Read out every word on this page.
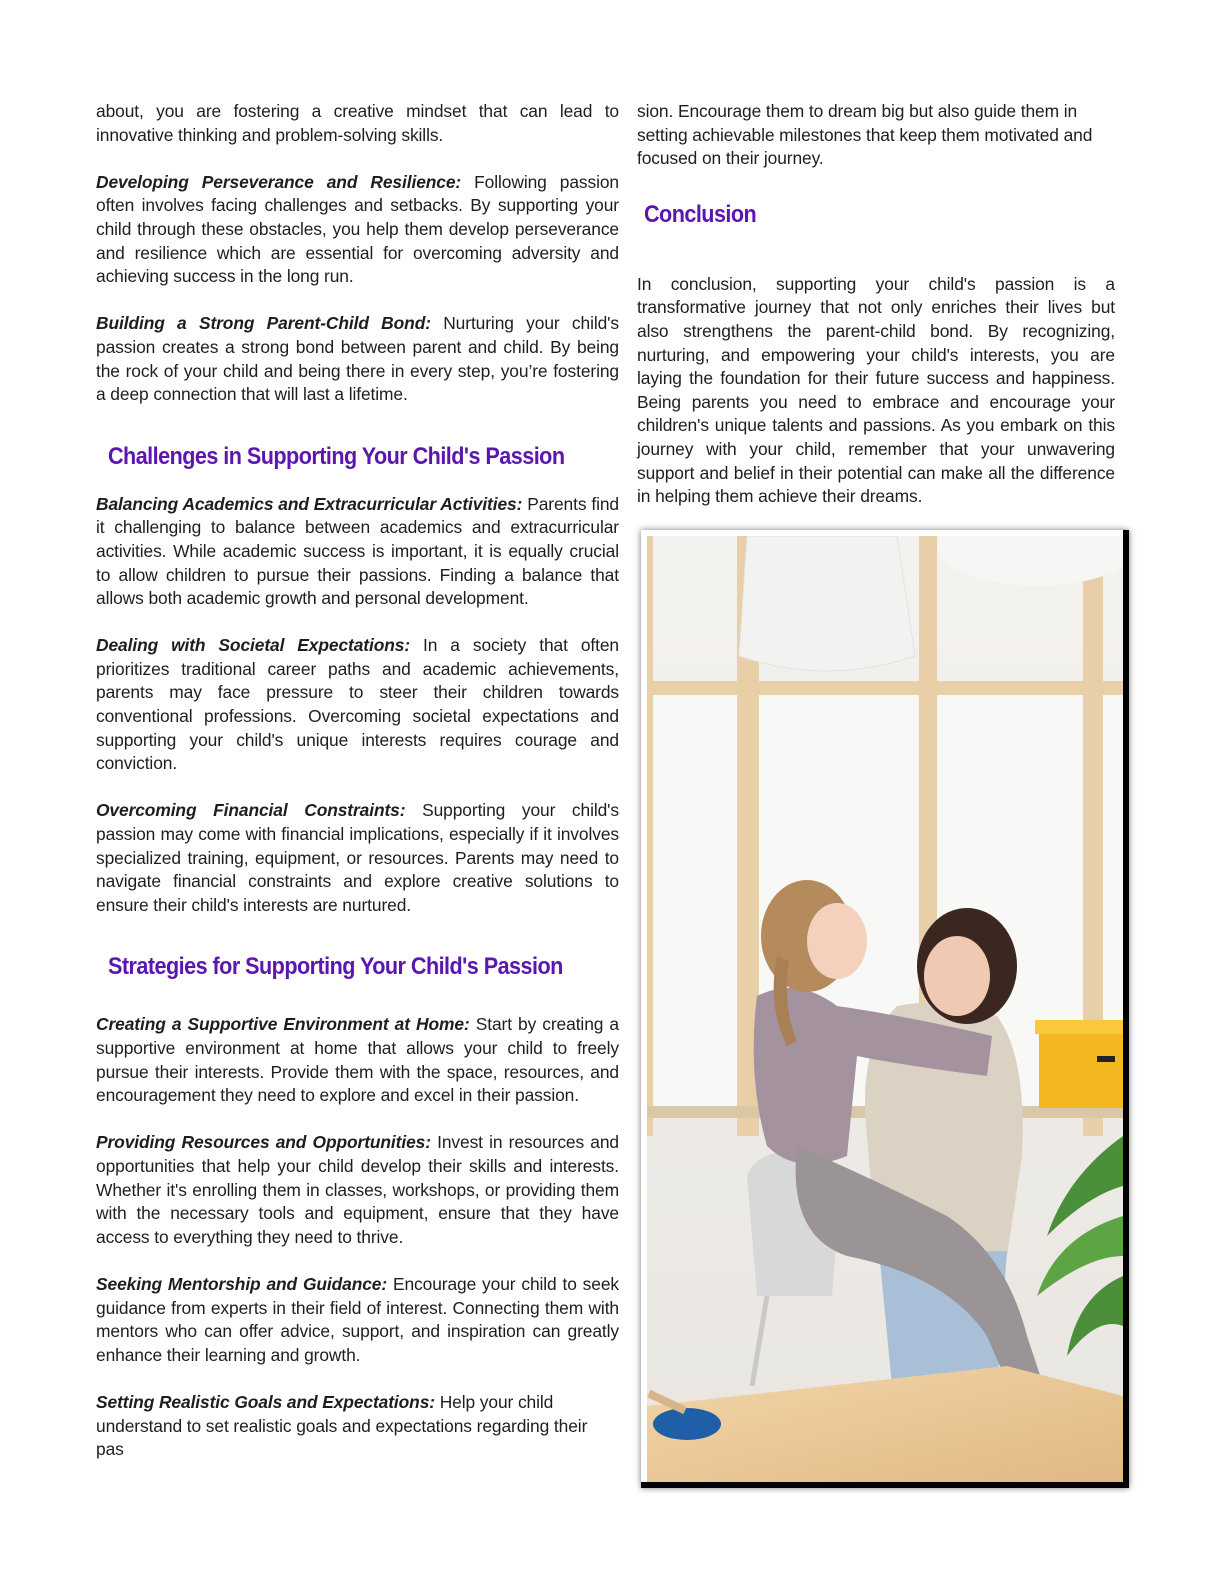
about, you are fostering a creative mindset that can lead to innovative thinking and problem-solving skills.

Developing Perseverance and Resilience: Following passion often involves facing challenges and setbacks. By supporting your child through these obstacles, you help them develop perseverance and resilience which are essential for overcoming adversity and achieving success in the long run.

Building a Strong Parent-Child Bond: Nurturing your child's passion creates a strong bond between parent and child. By being the rock of your child and being there in every step, you’re fostering a deep connection that will last a lifetime.

Challenges in Supporting Your Child's Passion

Balancing Academics and Extracurricular Activities: Parents find it challenging to balance between academics and extracurricular activities. While academic success is important, it is equally crucial to allow children to pursue their passions. Finding a balance that allows both academic growth and personal development.

Dealing with Societal Expectations: In a society that often prioritizes traditional career paths and academic achievements, parents may face pressure to steer their children towards conventional professions. Overcoming societal expectations and supporting your child's unique interests requires courage and conviction.

Overcoming Financial Constraints: Supporting your child's passion may come with financial implications, especially if it involves specialized training, equipment, or resources. Parents may need to navigate financial constraints and explore creative solutions to ensure their child's interests are nurtured.

Strategies for Supporting Your Child's Passion

Creating a Supportive Environment at Home: Start by creating a supportive environment at home that allows your child to freely pursue their interests. Provide them with the space, resources, and encouragement they need to explore and excel in their passion.

Providing Resources and Opportunities: Invest in resources and opportunities that help your child develop their skills and interests. Whether it's enrolling them in classes, workshops, or providing them with the necessary tools and equipment, ensure that they have access to everything they need to thrive.

Seeking Mentorship and Guidance: Encourage your child to seek guidance from experts in their field of interest. Connecting them with mentors who can offer advice, support, and inspiration can greatly enhance their learning and growth.

Setting Realistic Goals and Expectations: Help your child understand to set realistic goals and expectations regarding their pas

sion. Encourage them to dream big but also guide them in setting achievable milestones that keep them motivated and focused on their journey.

Conclusion

In conclusion, supporting your child's passion is a transformative journey that not only enriches their lives but also strengthens the parent-child bond. By recognizing, nurturing, and empowering your child's interests, you are laying the foundation for their future success and happiness. Being parents you need to embrace and encourage your children's unique talents and passions. As you embark on this journey with your child, remember that your unwavering support and belief in their potential can make all the difference in helping them achieve their dreams.
